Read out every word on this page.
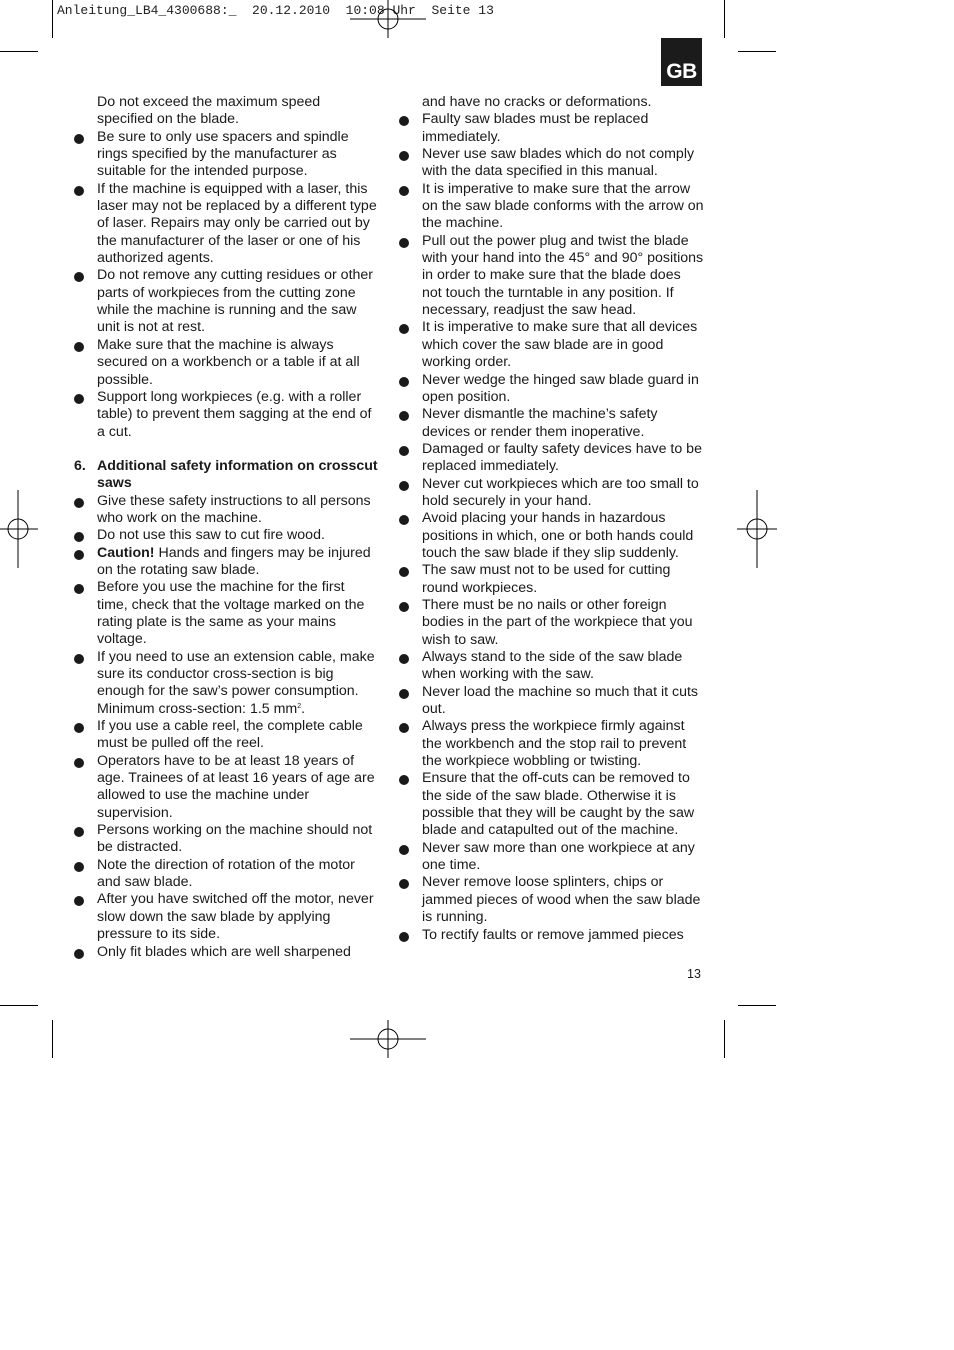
Anleitung_LB4_4300688:_  20.12.2010  10:08 Uhr  Seite 13
GB
Do not exceed the maximum speed specified on the blade.
Be sure to only use spacers and spindle rings specified by the manufacturer as suitable for the intended purpose.
If the machine is equipped with a laser, this laser may not be replaced by a different type of laser. Repairs may only be carried out by the manufacturer of the laser or one of his authorized agents.
Do not remove any cutting residues or other parts of workpieces from the cutting zone while the machine is running and the saw unit is not at rest.
Make sure that the machine is always secured on a workbench or a table if at all possible.
Support long workpieces (e.g. with a roller table) to prevent them sagging at the end of a cut.
6. Additional safety information on crosscut saws
Give these safety instructions to all persons who work on the machine.
Do not use this saw to cut fire wood.
Caution! Hands and fingers may be injured on the rotating saw blade.
Before you use the machine for the first time, check that the voltage marked on the rating plate is the same as your mains voltage.
If you need to use an extension cable, make sure its conductor cross-section is big enough for the saw’s power consumption. Minimum cross-section: 1.5 $mm^2$.
If you use a cable reel, the complete cable must be pulled off the reel.
Operators have to be at least 18 years of age. Trainees of at least 16 years of age are allowed to use the machine under supervision.
Persons working on the machine should not be distracted.
Note the direction of rotation of the motor and saw blade.
After you have switched off the motor, never slow down the saw blade by applying pressure to its side.
Only fit blades which are well sharpened
and have no cracks or deformations.
Faulty saw blades must be replaced immediately.
Never use saw blades which do not comply with the data specified in this manual.
It is imperative to make sure that the arrow on the saw blade conforms with the arrow on the machine.
Pull out the power plug and twist the blade with your hand into the 45° and 90° positions in order to make sure that the blade does not touch the turntable in any position. If necessary, readjust the saw head.
It is imperative to make sure that all devices which cover the saw blade are in good working order.
Never wedge the hinged saw blade guard in open position.
Never dismantle the machine’s safety devices or render them inoperative.
Damaged or faulty safety devices have to be replaced immediately.
Never cut workpieces which are too small to hold securely in your hand.
Avoid placing your hands in hazardous positions in which, one or both hands could touch the saw blade if they slip suddenly.
The saw must not to be used for cutting round workpieces.
There must be no nails or other foreign bodies in the part of the workpiece that you wish to saw.
Always stand to the side of the saw blade when working with the saw.
Never load the machine so much that it cuts out.
Always press the workpiece firmly against the workbench and the stop rail to prevent the workpiece wobbling or twisting.
Ensure that the off-cuts can be removed to the side of the saw blade. Otherwise it is possible that they will be caught by the saw blade and catapulted out of the machine.
Never saw more than one workpiece at any one time.
Never remove loose splinters, chips or jammed pieces of wood when the saw blade is running.
To rectify faults or remove jammed pieces
13
